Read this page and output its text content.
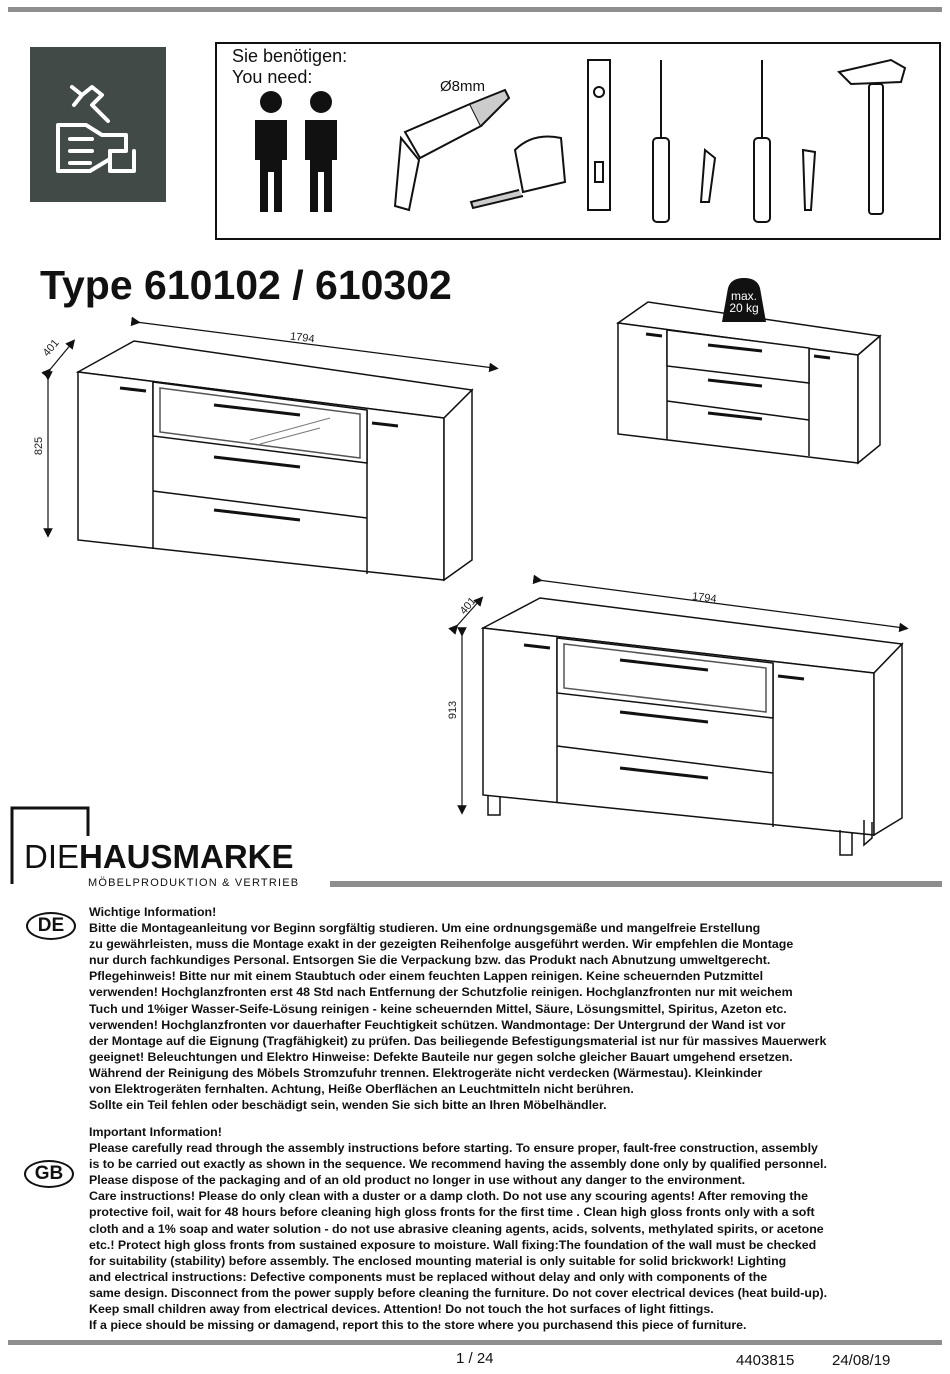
Sie benötigen:
You need:	Ø8mm
Type 610102 / 610302
401	1794
825
401	1794
913
max.
20 kg
DIEHAUSMARKE
MÖBELPRODUKTION & VERTRIEB
DE
Wichtige Information!
Bitte die Montageanleitung vor Beginn sorgfältig studieren. Um eine ordnungsgemäße und mangelfreie Erstellung
zu gewährleisten, muss die Montage exakt in der gezeigten Reihenfolge ausgeführt werden. Wir empfehlen die Montage
nur durch fachkundiges Personal. Entsorgen Sie die Verpackung bzw. das Produkt nach Abnutzung umweltgerecht.
Pflegehinweis! Bitte nur mit einem Staubtuch oder einem feuchten Lappen reinigen. Keine scheuernden Putzmittel
verwenden! Hochglanzfronten erst 48 Std nach Entfernung der Schutzfolie reinigen. Hochglanzfronten nur mit weichem
Tuch und 1%iger Wasser-Seife-Lösung reinigen - keine scheuernden Mittel, Säure, Lösungsmittel, Spiritus, Azeton etc.
verwenden! Hochglanzfronten vor dauerhafter Feuchtigkeit schützen. Wandmontage: Der Untergrund der Wand ist vor
der Montage auf die Eignung (Tragfähigkeit) zu prüfen. Das beiliegende Befestigungsmaterial ist nur für massives Mauerwerk
geeignet! Beleuchtungen und Elektro Hinweise: Defekte Bauteile nur gegen solche gleicher Bauart umgehend ersetzen.
Während der Reinigung des Möbels Stromzufuhr trennen. Elektrogeräte nicht verdecken (Wärmestau). Kleinkinder
von Elektrogeräten fernhalten. Achtung, Heiße Oberflächen an Leuchtmitteln nicht berühren.
Sollte ein Teil fehlen oder beschädigt sein, wenden Sie sich bitte an Ihren Möbelhändler.
GB
Important Information!
Please carefully read through the assembly instructions before starting. To ensure proper, fault-free construction, assembly
is to be carried out exactly as shown in the sequence. We recommend having the assembly done only by qualified personnel.
Please dispose of the packaging and of an old product no longer in use without any danger to the environment.
Care instructions! Please do only clean with a duster or a damp cloth. Do not use any scouring agents! After removing the
protective foil, wait for 48 hours before cleaning high gloss fronts for the first time . Clean high gloss fronts only with a soft
cloth and a 1% soap and water solution - do not use abrasive cleaning agents, acids, solvents, methylated spirits, or acetone
etc.! Protect high gloss fronts from sustained exposure to moisture. Wall fixing:The foundation of the wall must be checked
for suitability (stability) before assembly. The enclosed mounting material is only suitable for solid brickwork! Lighting
and electrical instructions: Defective components must be replaced without delay and only with components of the
same design. Disconnect from the power supply before cleaning the furniture. Do not cover electrical devices (heat build-up).
Keep small children away from electrical devices. Attention! Do not touch the hot surfaces of light fittings.
If a piece should be missing or damagend, report this to the store where you purchasend this piece of furniture.
1 / 24	4403815	24/08/19
